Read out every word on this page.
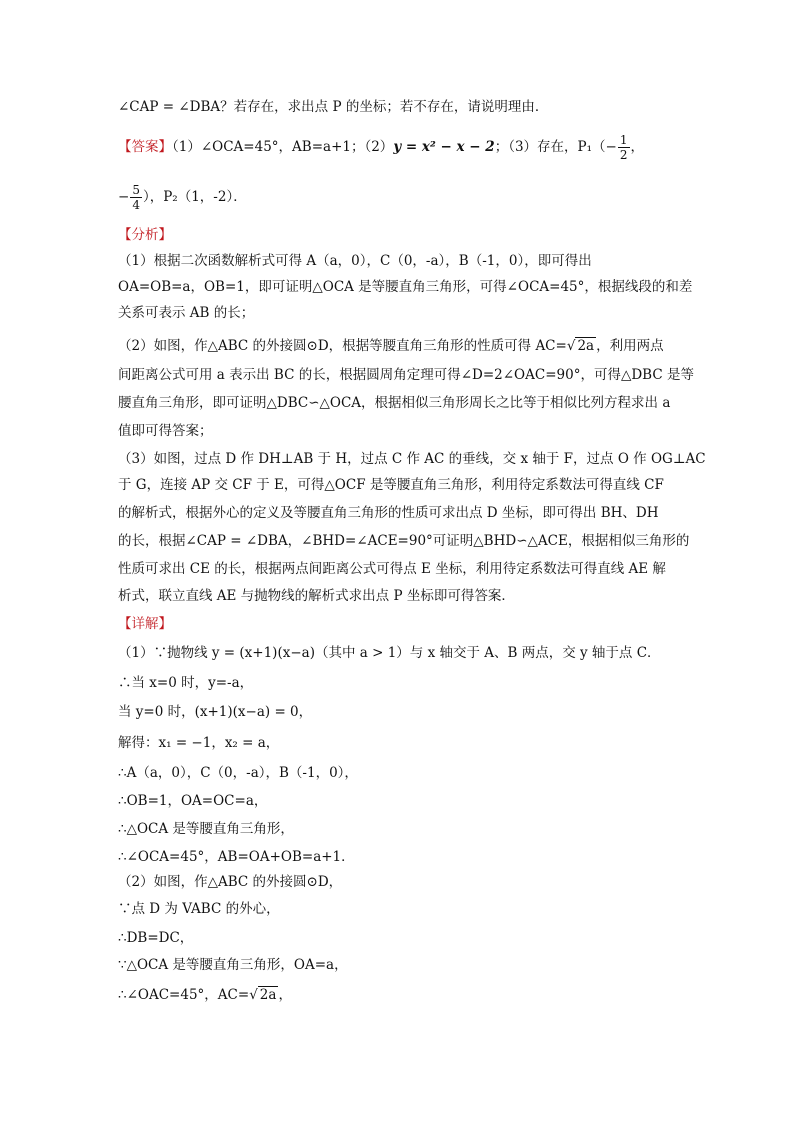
∠CAP = ∠DBA？若存在，求出点 P 的坐标；若不存在，请说明理由．
【答案】（1）∠OCA=45°，AB=a+1；（2）y = x² − x − 2；（3）存在，$P_1(- \frac{1}{2}$ ，
− $\frac{5}{4}$ ），P₂（1，-2）．
【分析】
（1）根据二次函数解析式可得 A（a，0），C（0，-a），B（-1，0），即可得出
OA=OB=a，OB=1，即可证明△OCA 是等腰直角三角形，可得∠OCA=45°，根据线段的和差
关系可表示 AB 的长；
（2）如图，作△ABC 的外接圆⊙D，根据等腰直角三角形的性质可得 AC=√ 2a ，利用两点
间距离公式可用 a 表示出 BC 的长，根据圆周角定理可得∠D=2∠OAC=90°，可得△DBC 是等
腰直角三角形，即可证明△DBC∽△OCA，根据相似三角形周长之比等于相似比列方程求出 a
值即可得答案；
（3）如图，过点 D 作 DH⊥AB 于 H，过点 C 作 AC 的垂线，交 x 轴于 F，过点 O 作 OG⊥AC
于 G，连接 AP 交 CF 于 E，可得△OCF 是等腰直角三角形，利用待定系数法可得直线 CF
的解析式，根据外心的定义及等腰直角三角形的性质可求出点 D 坐标，即可得出 BH、DH
的长，根据∠CAP = ∠DBA，∠BHD=∠ACE=90°可证明△BHD∽△ACE，根据相似三角形的
性质可求出 CE 的长，根据两点间距离公式可得点 E 坐标，利用待定系数法可得直线 AE 解
析式，联立直线 AE 与抛物线的解析式求出点 P 坐标即可得答案．
【详解】
（1）∵抛物线 y = (x+1)(x−a)（其中 a > 1）与 x 轴交于 A、B 两点，交 y 轴于点 C．
∴当 x=0 时，y=-a，
当 y=0 时，(x+1)(x−a) = 0，
解得：x₁ = −1，x₂ = a，
∴A（a，0），C（0，-a），B（-1，0），
∴OB=1，OA=OC=a，
∴△OCA 是等腰直角三角形，
∴∠OCA=45°，AB=OA+OB=a+1．
（2）如图，作△ABC 的外接圆⊙D，
∵点 D 为 VABC 的外心，
∴DB=DC，
∵△OCA 是等腰直角三角形，OA=a，
∴∠OAC=45°，AC=√ 2a ，
